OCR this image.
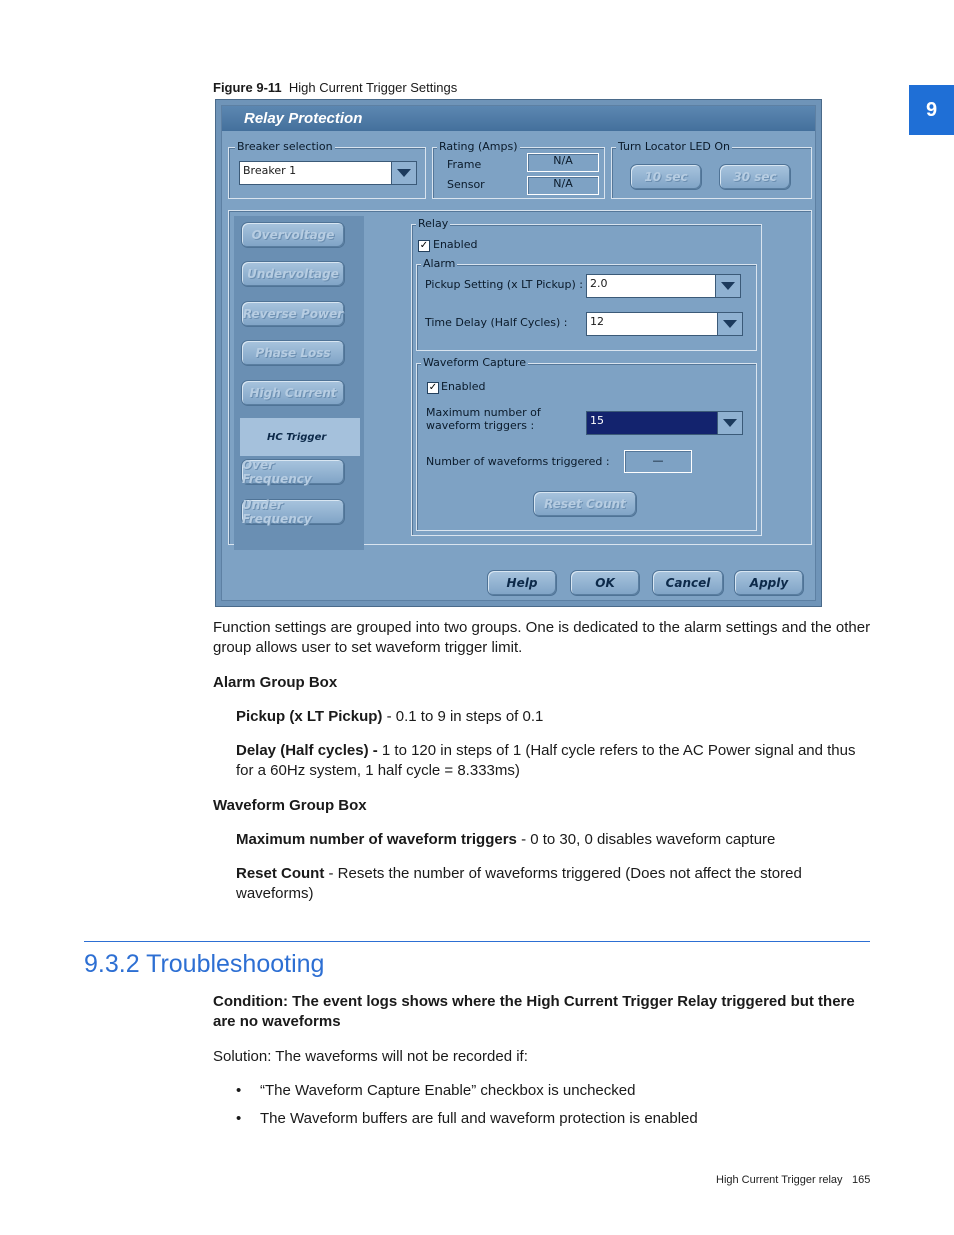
9
Figure 9-11 High Current Trigger Settings
Relay Protection
Breaker selection
Breaker 1
Rating (Amps)
Frame	N/A
Sensor	N/A
Turn Locator LED On
10 sec	30 sec
Overvoltage
Undervoltage
Reverse Power
Phase Loss
High Current
HC Trigger
Over Frequency
Under Frequency
Relay
✓ Enabled
Alarm
Pickup Setting (x LT Pickup) : 2.0
Time Delay (Half Cycles) :	12
Waveform Capture
✓ Enabled
Maximum number of
waveform triggers :	15
Number of waveforms triggered :	—
Reset Count
Help	OK	Cancel	Apply
Function settings are grouped into two groups. One is dedicated to the alarm settings and the other group allows user to set waveform trigger limit.
Alarm Group Box
Pickup (x LT Pickup) - 0.1 to 9 in steps of 0.1
Delay (Half cycles) - 1 to 120 in steps of 1 (Half cycle refers to the AC Power signal and thus for a 60Hz system, 1 half cycle = 8.333ms)
Waveform Group Box
Maximum number of waveform triggers - 0 to 30, 0 disables waveform capture
Reset Count - Resets the number of waveforms triggered (Does not affect the stored waveforms)
9.3.2 Troubleshooting
Condition: The event logs shows where the High Current Trigger Relay triggered but there are no waveforms
Solution: The waveforms will not be recorded if:
• “The Waveform Capture Enable” checkbox is unchecked
• The Waveform buffers are full and waveform protection is enabled
High Current Trigger relay 165
